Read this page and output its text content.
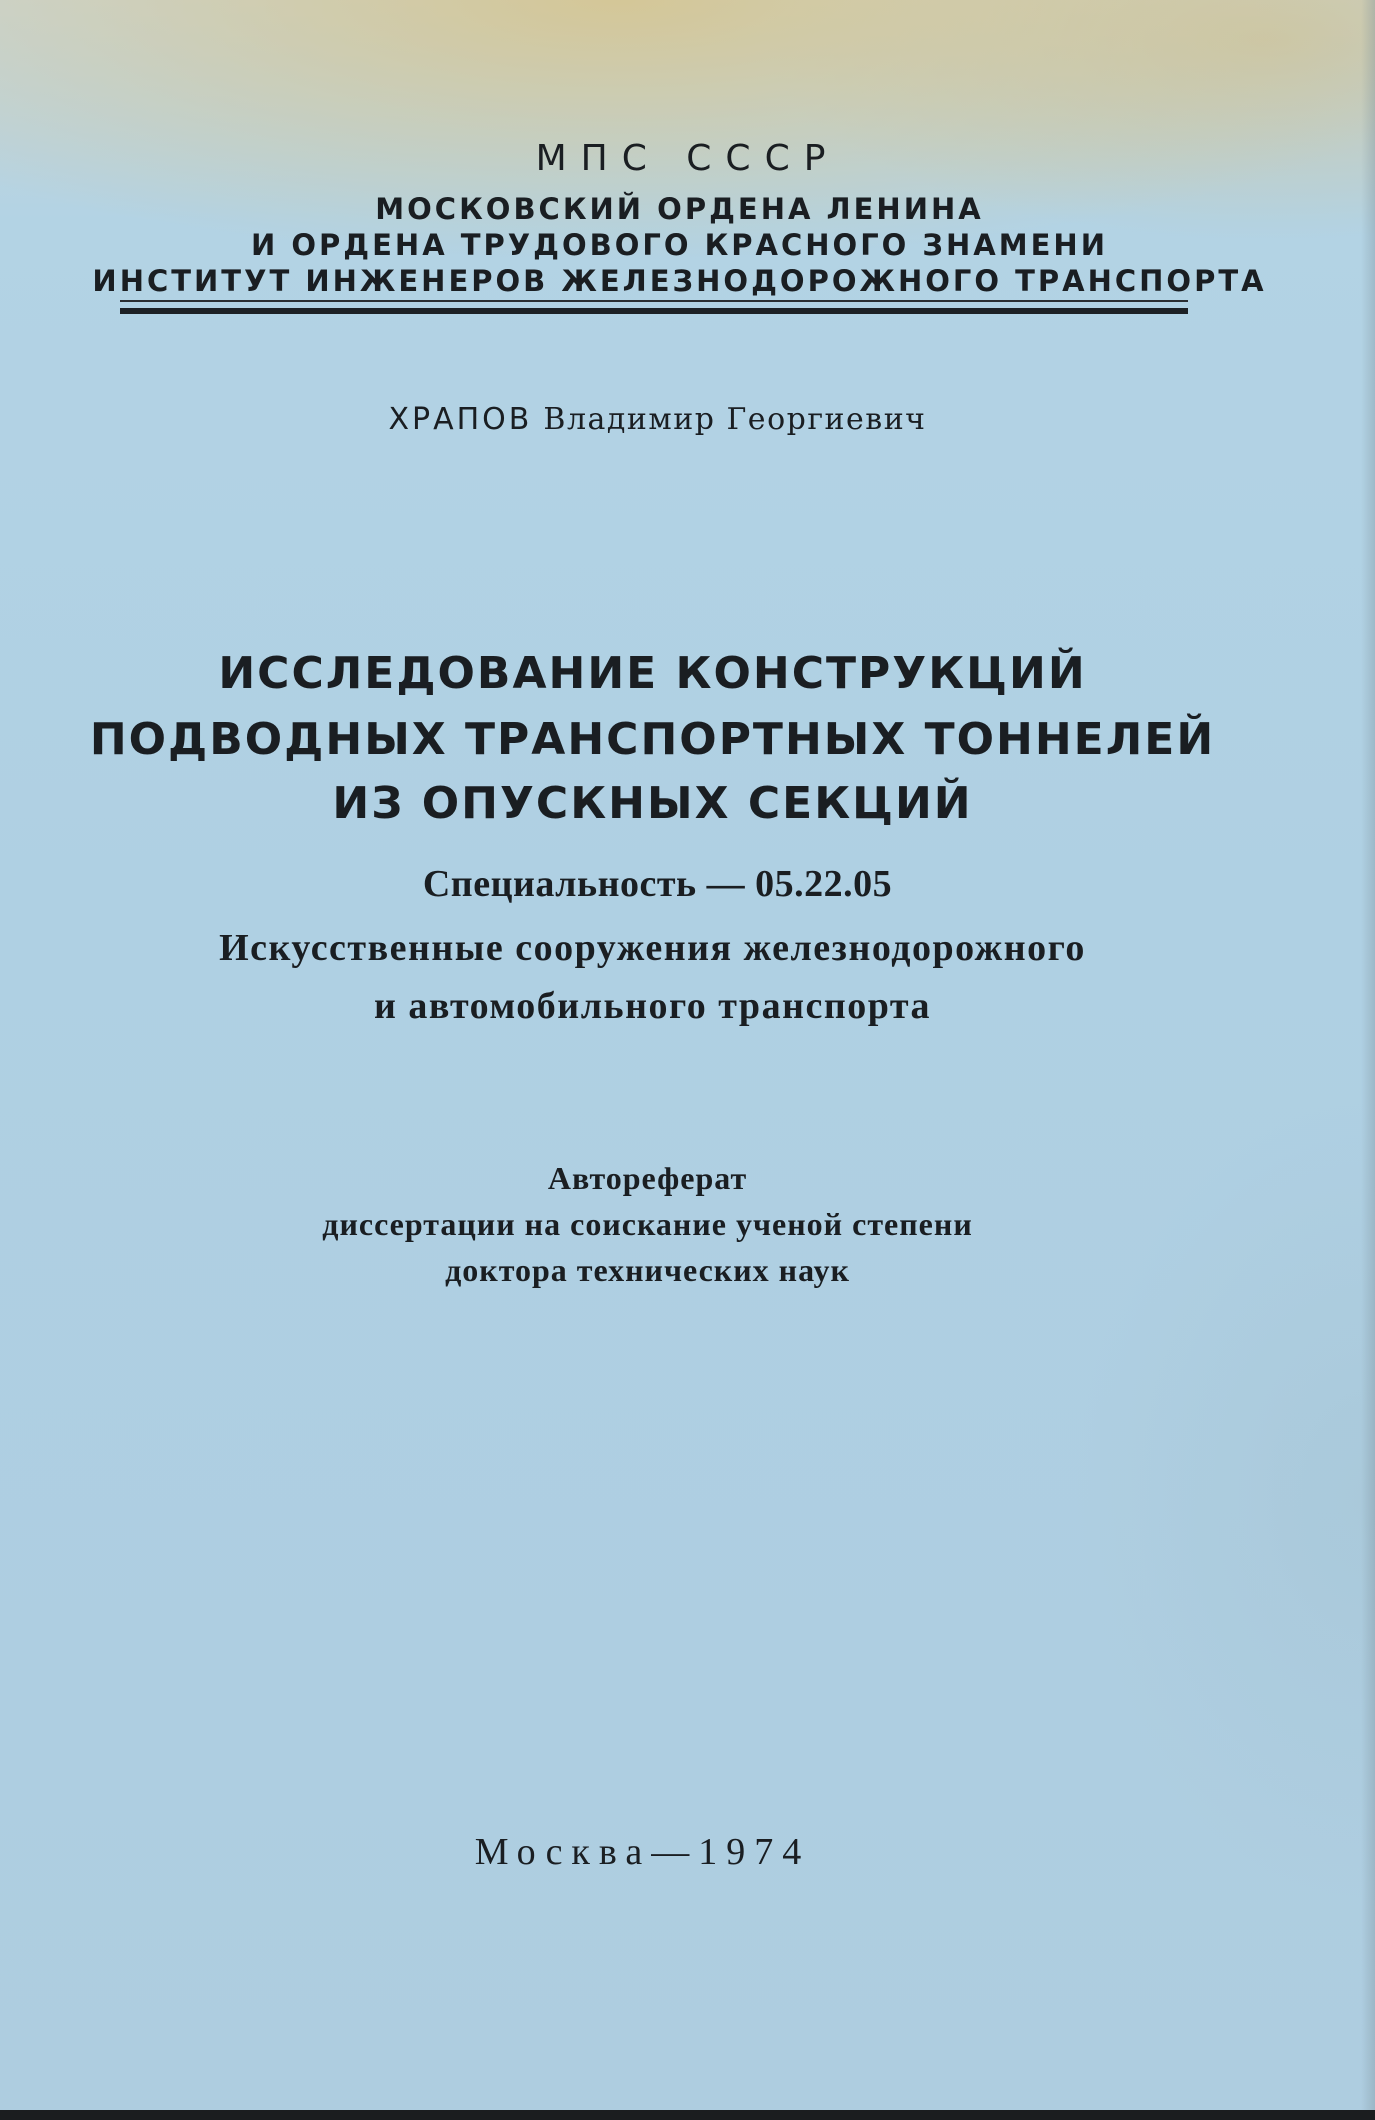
МПС СССР

МОСКОВСКИЙ ОРДЕНА ЛЕНИНА

И ОРДЕНА ТРУДОВОГО КРАСНОГО ЗНАМЕНИ

ИНСТИТУТ ИНЖЕНЕРОВ ЖЕЛЕЗНОДОРОЖНОГО ТРАНСПОРТА

ХРАПОВ Владимир Георгиевич

ИССЛЕДОВАНИЕ КОНСТРУКЦИЙ

ПОДВОДНЫХ ТРАНСПОРТНЫХ ТОННЕЛЕЙ

ИЗ ОПУСКНЫХ СЕКЦИЙ

Специальность — 05.22.05

Искусственные сооружения железнодорожного

и автомобильного транспорта

Автореферат

диссертации на соискание ученой степени

доктора технических наук

Москва—1974
